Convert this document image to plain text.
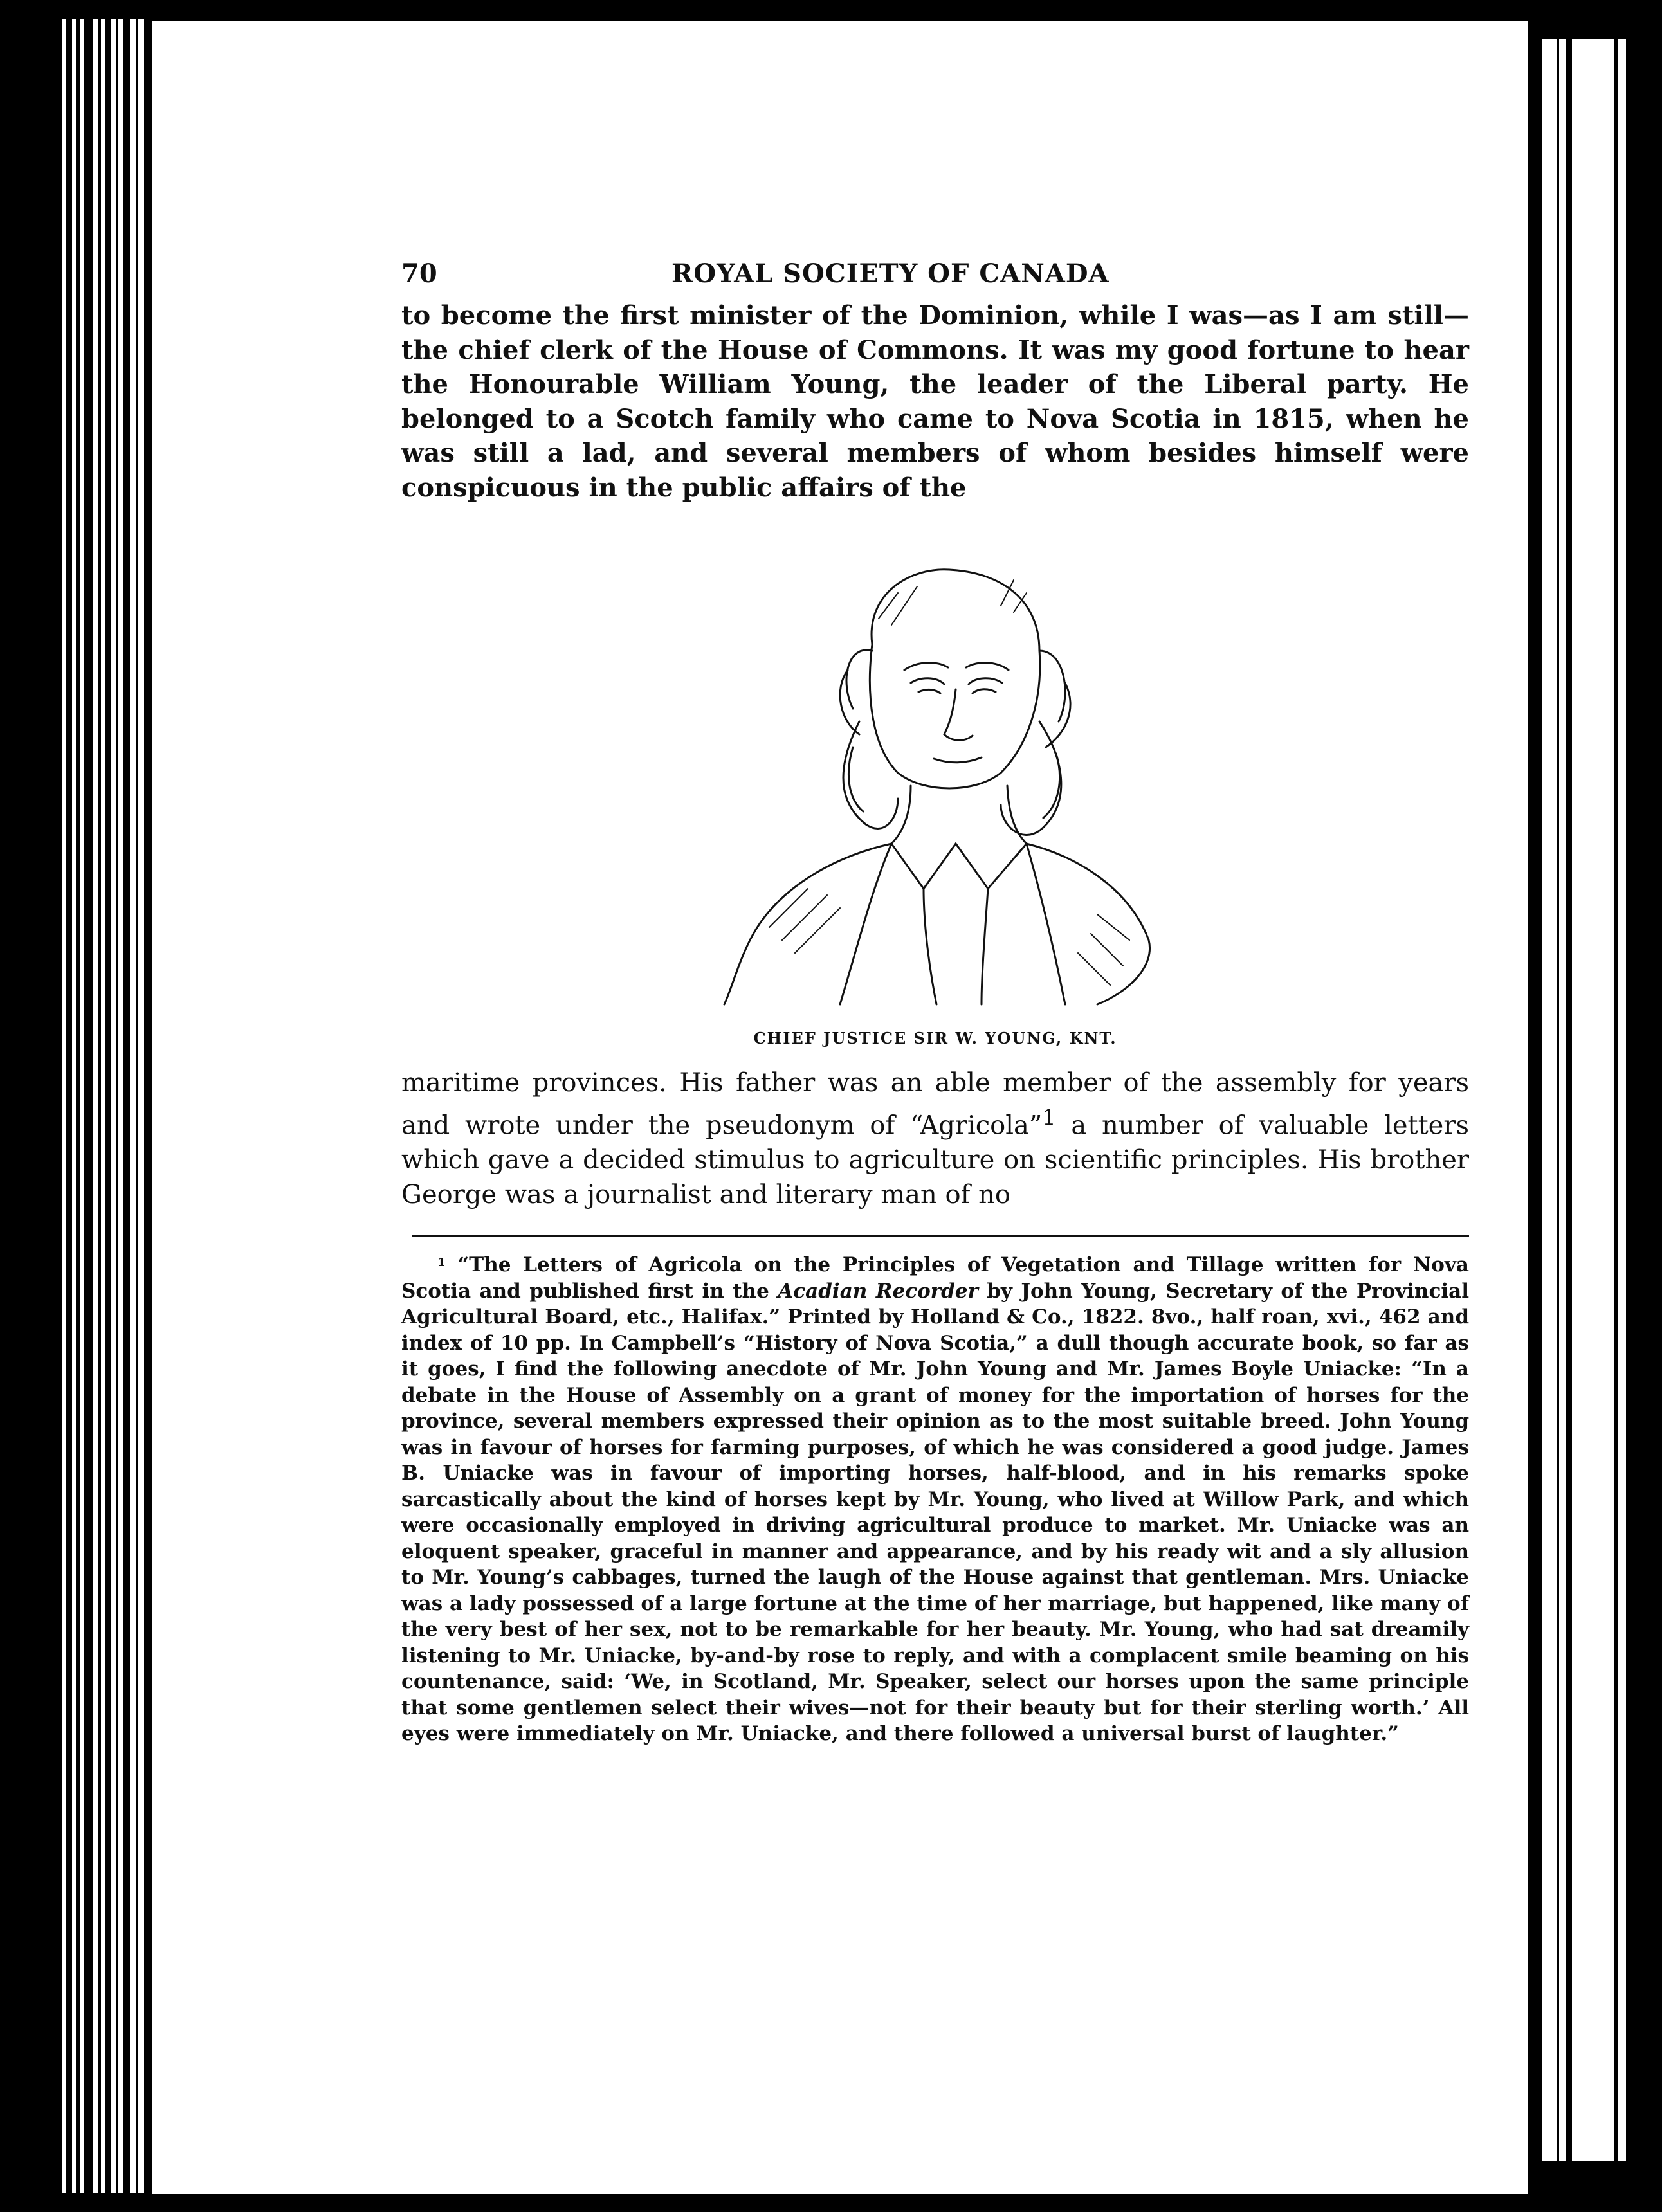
70	ROYAL SOCIETY OF CANADA

to become the first minister of the Dominion, while I was—as I am still—the chief clerk of the House of Commons. It was my good fortune to hear the Honourable William Young, the leader of the Liberal party. He belonged to a Scotch family who came to Nova Scotia in 1815, when he was still a lad, and several members of whom besides himself were conspicuous in the public affairs of the

CHIEF JUSTICE SIR W. YOUNG, KNT.

maritime provinces. His father was an able member of the assembly for years and wrote under the pseudonym of “Agricola”$^1$ a number of valuable letters which gave a decided stimulus to agriculture on scientific principles. His brother George was a journalist and literary man of no

$^1$ “The Letters of Agricola on the Principles of Vegetation and Tillage written for Nova Scotia and published first in the Acadian Recorder by John Young, Secretary of the Provincial Agricultural Board, etc., Halifax.” Printed by Holland & Co., 1822. 8vo., half roan, xvi., 462 and index of 10 pp. In Campbell’s “History of Nova Scotia,” a dull though accurate book, so far as it goes, I find the following anecdote of Mr. John Young and Mr. James Boyle Uniacke: “In a debate in the House of Assembly on a grant of money for the importation of horses for the province, several members expressed their opinion as to the most suitable breed. John Young was in favour of horses for farming purposes, of which he was considered a good judge. James B. Uniacke was in favour of importing horses, half-blood, and in his remarks spoke sarcastically about the kind of horses kept by Mr. Young, who lived at Willow Park, and which were occasionally employed in driving agricultural produce to market. Mr. Uniacke was an eloquent speaker, graceful in manner and appearance, and by his ready wit and a sly allusion to Mr. Young’s cabbages, turned the laugh of the House against that gentleman. Mrs. Uniacke was a lady possessed of a large fortune at the time of her marriage, but happened, like many of the very best of her sex, not to be remarkable for her beauty. Mr. Young, who had sat dreamily listening to Mr. Uniacke, by-and-by rose to reply, and with a complacent smile beaming on his countenance, said: ‘We, in Scotland, Mr. Speaker, select our horses upon the same principle that some gentlemen select their wives—not for their beauty but for their sterling worth.’ All eyes were immediately on Mr. Uniacke, and there followed a universal burst of laughter.”
